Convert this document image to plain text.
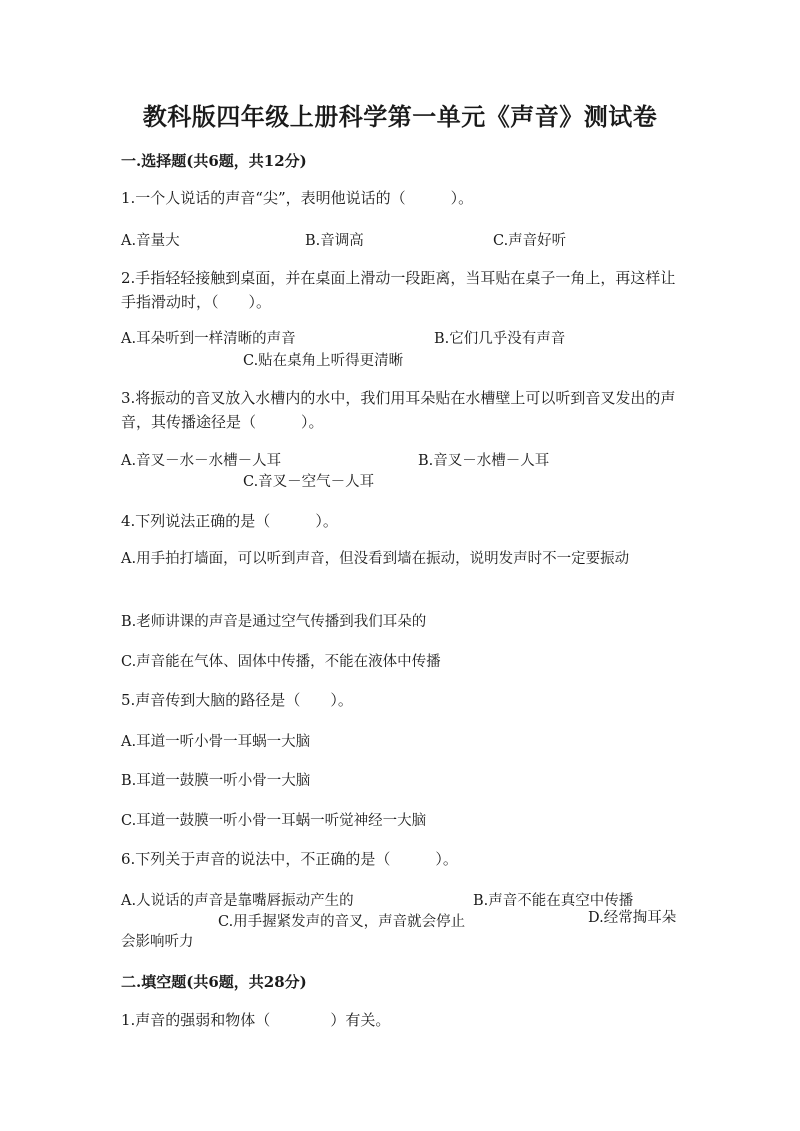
教科版四年级上册科学第一单元《声音》测试卷
一.选择题(共6题，共12分)
1.一个人说话的声音“尖”，表明他说话的（　　　）。
A.音量大	B.音调高	C.声音好听
2.手指轻轻接触到桌面，并在桌面上滑动一段距离，当耳贴在桌子一角上，再这样让手指滑动时，（　　）。
A.耳朵听到一样清晰的声音	B.它们几乎没有声音
C.贴在桌角上听得更清晰
3.将振动的音叉放入水槽内的水中，我们用耳朵贴在水槽壁上可以听到音叉发出的声音，其传播途径是（　　　）。
A.音叉－水－水槽－人耳	B.音叉－水槽－人耳
C.音叉－空气－人耳
4.下列说法正确的是（　　　）。
A.用手拍打墙面，可以听到声音，但没看到墙在振动，说明发声时不一定要振动
B.老师讲课的声音是通过空气传播到我们耳朵的
C.声音能在气体、固体中传播，不能在液体中传播
5.声音传到大脑的路径是（　　）。
A.耳道一听小骨一耳蜗一大脑
B.耳道一鼓膜一听小骨一大脑
C.耳道一鼓膜一听小骨一耳蜗一听觉神经一大脑
6.下列关于声音的说法中，不正确的是（　　　）。
A.人说话的声音是靠嘴唇振动产生的	B.声音不能在真空中传播
C.用手握紧发声的音叉，声音就会停止	D.经常掏耳朵会影响听力
二.填空题(共6题，共28分)
1.声音的强弱和物体（　　　　）有关。
